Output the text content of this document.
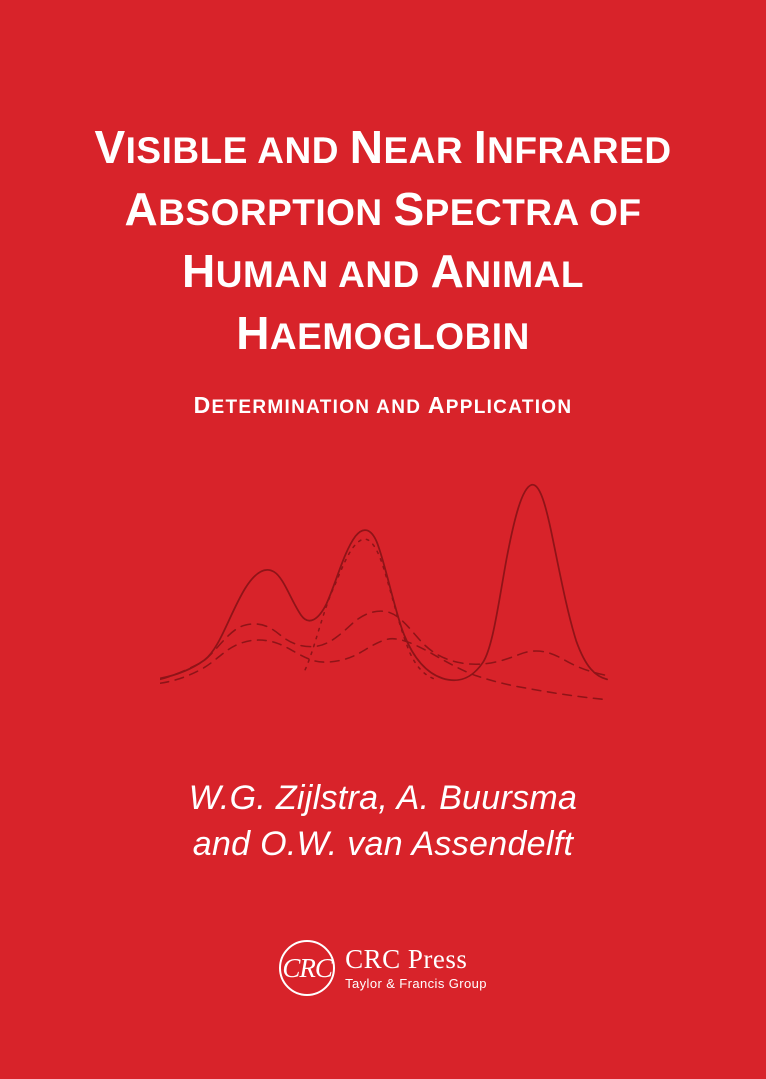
VISIBLE AND NEAR INFRARED
ABSORPTION SPECTRA OF
HUMAN AND ANIMAL
HAEMOGLOBIN
DETERMINATION AND APPLICATION
W.G. Zijlstra, A. Buursma
and O.W. van Assendelft
CRC CRC Press
Taylor & Francis Group
